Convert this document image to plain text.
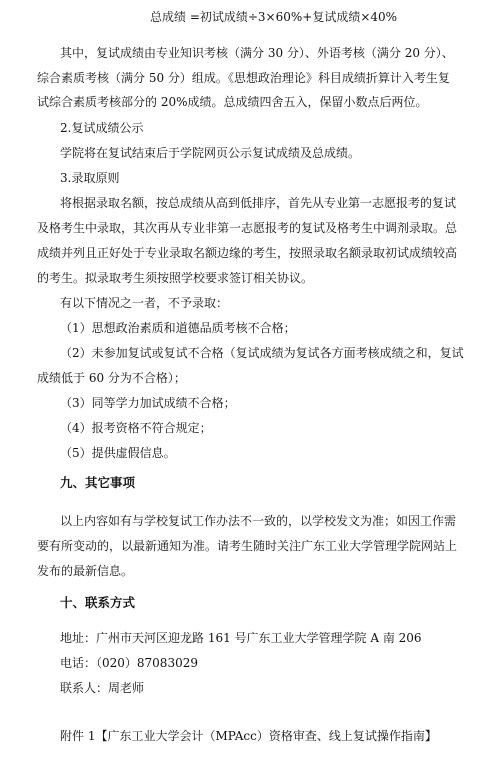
总成绩 =初试成绩÷3×60%+复试成绩×40%
其中，复试成绩由专业知识考核（满分 30 分）、外语考核（满分 20 分）、
综合素质考核（满分 50 分）组成。《思想政治理论》科目成绩折算计入考生复
试综合素质考核部分的 20%成绩。总成绩四舍五入，保留小数点后两位。
2.复试成绩公示
学院将在复试结束后于学院网页公示复试成绩及总成绩。
3.录取原则
将根据录取名额，按总成绩从高到低排序，首先从专业第一志愿报考的复试
及格考生中录取，其次再从专业非第一志愿报考的复试及格考生中调剂录取。总
成绩并列且正好处于专业录取名额边缘的考生，按照录取名额录取初试成绩较高
的考生。拟录取考生须按照学校要求签订相关协议。
有以下情况之一者，不予录取：
（1）思想政治素质和道德品质考核不合格；
（2）未参加复试或复试不合格（复试成绩为复试各方面考核成绩之和，复试
成绩低于 60 分为不合格）；
（3）同等学力加试成绩不合格；
（4）报考资格不符合规定；
（5）提供虚假信息。
九、其它事项
以上内容如有与学校复试工作办法不一致的，以学校发文为准；如因工作需
要有所变动的，以最新通知为准。请考生随时关注广东工业大学管理学院网站上
发布的最新信息。
十、联系方式
地址：广州市天河区迎龙路 161 号广东工业大学管理学院 A 南 206
电话：（020）87083029
联系人：周老师
附件 1【广东工业大学会计（MPAcc）资格审查、线上复试操作指南】
